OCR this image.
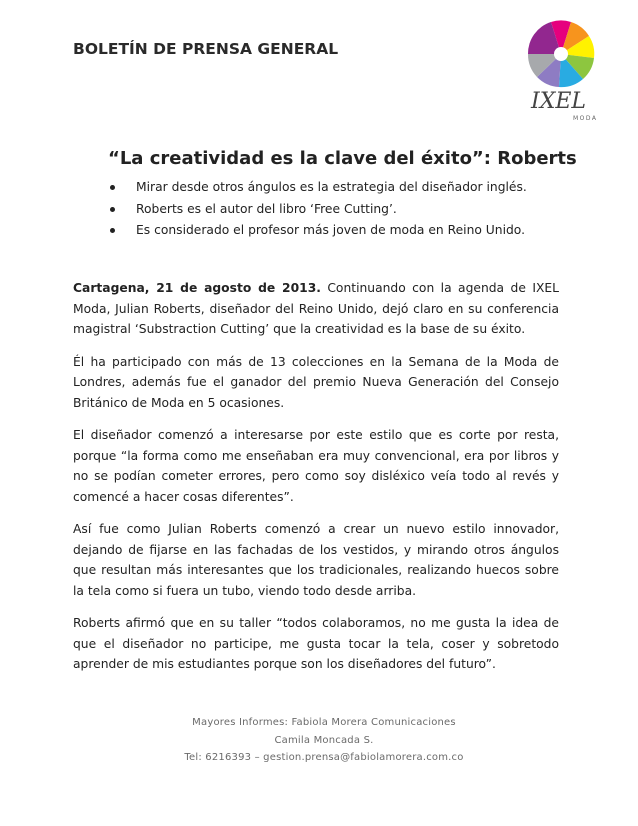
BOLETÍN DE PRENSA GENERAL
IXEL
MODA
“La creatividad es la clave del éxito”: Roberts
Mirar desde otros ángulos es la estrategia del diseñador inglés.
Roberts es el autor del libro ‘Free Cutting’.
Es considerado el profesor más joven de moda en Reino Unido.

Cartagena, 21 de agosto de 2013. Continuando con la agenda de IXEL Moda, Julian Roberts, diseñador del Reino Unido, dejó claro en su conferencia magistral ‘Substraction Cutting’ que la creatividad es la base de su éxito.

Él ha participado con más de 13 colecciones en la Semana de la Moda de Londres, además fue el ganador del premio Nueva Generación del Consejo Británico de Moda en 5 ocasiones.

El diseñador comenzó a interesarse por este estilo que es corte por resta, porque “la forma como me enseñaban era muy convencional, era por libros y no se podían cometer errores, pero como soy disléxico veía todo al revés y comencé a hacer cosas diferentes”.

Así fue como Julian Roberts comenzó a crear un nuevo estilo innovador, dejando de fijarse en las fachadas de los vestidos, y mirando otros ángulos que resultan más interesantes que los tradicionales, realizando huecos sobre la tela como si fuera un tubo, viendo todo desde arriba.

Roberts afirmó que en su taller “todos colaboramos, no me gusta la idea de que el diseñador no participe, me gusta tocar la tela, coser y sobretodo aprender de mis estudiantes porque son los diseñadores del futuro”.

Mayores Informes: Fabiola Morera Comunicaciones
Camila Moncada S.
Tel: 6216393 – gestion.prensa@fabiolamorera.com.co
